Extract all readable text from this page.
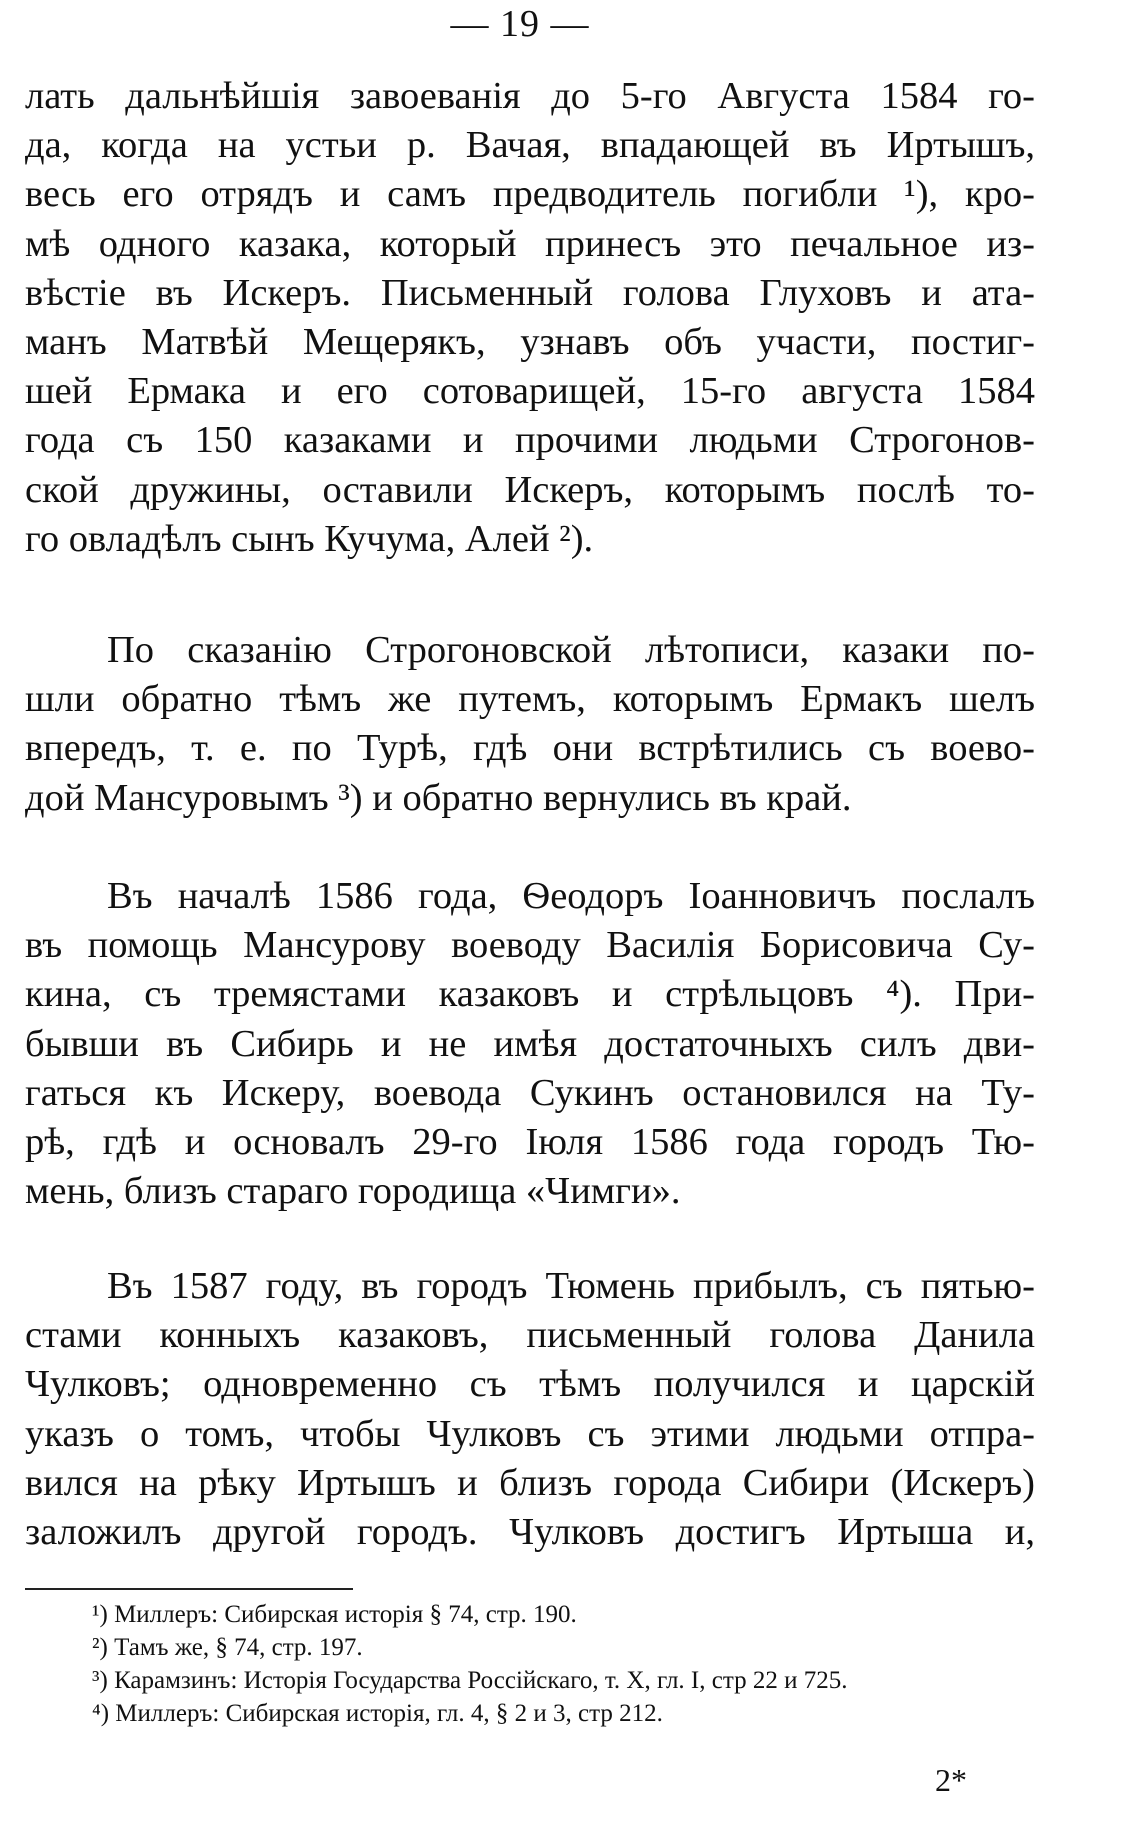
— 19 —
лать дальнѣйшія завоеванія до 5-го Августа 1584 го-
да, когда на устьи р. Вачая, впадающей въ Иртышъ,
весь его отрядъ и самъ предводитель погибли ¹), кро-
мѣ одного казака, который принесъ это печальное из-
вѣстіе въ Искеръ. Письменный голова Глуховъ и ата-
манъ Матвѣй Мещерякъ, узнавъ объ участи, постиг-
шей Ермака и его сотоварищей, 15-го августа 1584
года съ 150 казаками и прочими людьми Строгонов-
ской дружины, оставили Искеръ, которымъ послѣ то-
го овладѣлъ сынъ Кучума, Алей ²).
По сказанію Строгоновской лѣтописи, казаки по-
шли обратно тѣмъ же путемъ, которымъ Ермакъ шелъ
впередъ, т. е. по Турѣ, гдѣ они встрѣтились съ воево-
дой Мансуровымъ ³) и обратно вернулись въ край.
Въ началѣ 1586 года, Ѳеодоръ Іоанновичъ послалъ
въ помощь Мансурову воеводу Василія Борисовича Су-
кина, съ тремястами казаковъ и стрѣльцовъ ⁴). При-
бывши въ Сибирь и не имѣя достаточныхъ силъ дви-
гаться къ Искеру, воевода Сукинъ остановился на Ту-
рѣ, гдѣ и основалъ 29-го Іюля 1586 года городъ Тю-
мень, близъ стараго городища «Чимги».
Въ 1587 году, въ городъ Тюмень прибылъ, съ пятью-
стами конныхъ казаковъ, письменный голова Данила
Чулковъ; одновременно съ тѣмъ получился и царскій
указъ о томъ, чтобы Чулковъ съ этими людьми отпра-
вился на рѣку Иртышъ и близъ города Сибири (Искеръ)
заложилъ другой городъ. Чулковъ достигъ Иртыша и,
¹) Миллеръ: Сибирская исторія § 74, стр. 190.
²) Тамъ же, § 74, стр. 197.
³) Карамзинъ: Исторія Государства Россійскаго, т. X, гл. I, стр 22 и 725.
⁴) Миллеръ: Сибирская исторія, гл. 4, § 2 и 3, стр 212.
2*
